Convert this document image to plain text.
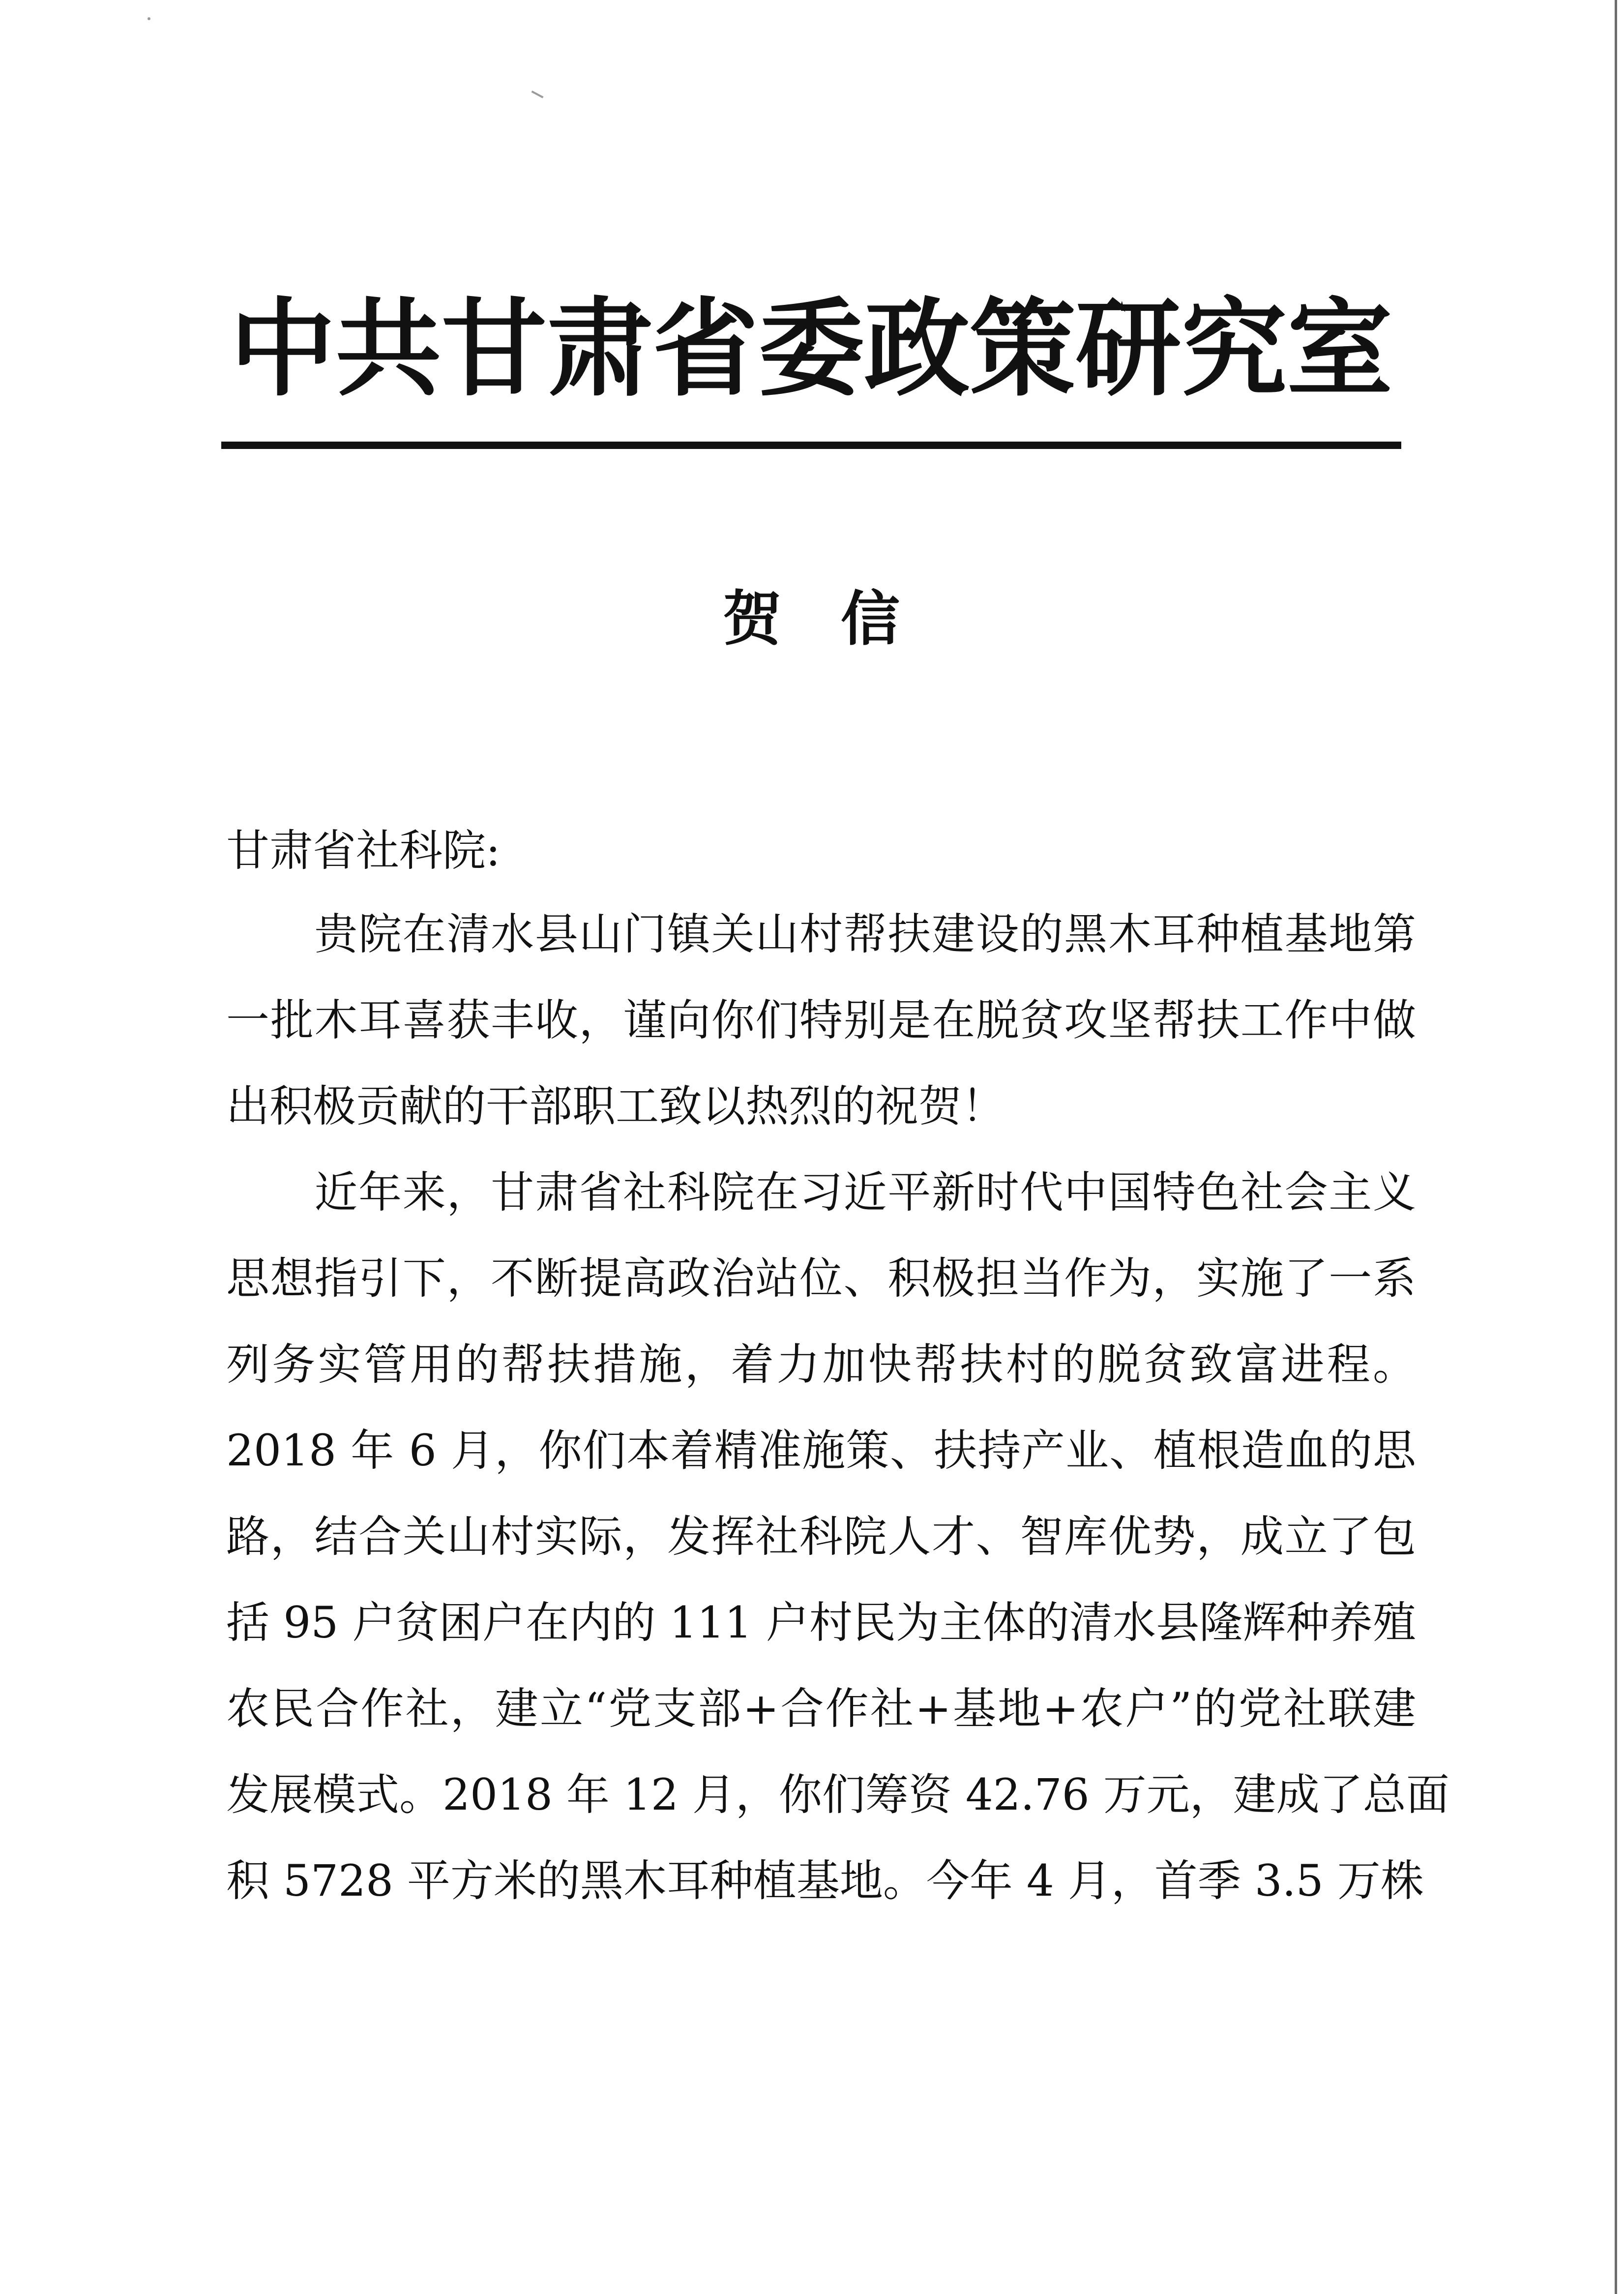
中共甘肃省委政策研究室
贺信
甘肃省社科院:
　　贵院在清水县山门镇关山村帮扶建设的黑木耳种植基地第
一批木耳喜获丰收，谨向你们特别是在脱贫攻坚帮扶工作中做
出积极贡献的干部职工致以热烈的祝贺！
　　近年来，甘肃省社科院在习近平新时代中国特色社会主义
思想指引下，不断提高政治站位、积极担当作为，实施了一系
列务实管用的帮扶措施，着力加快帮扶村的脱贫致富进程。
2018 年 6 月，你们本着精准施策、扶持产业、植根造血的思
路，结合关山村实际，发挥社科院人才、智库优势，成立了包
括 95 户贫困户在内的 111 户村民为主体的清水县隆辉种养殖
农民合作社，建立“党支部+合作社+基地+农户”的党社联建
发展模式。2018 年 12 月，你们筹资 42.76 万元，建成了总面
积 5728 平方米的黑木耳种植基地。今年 4 月，首季 3.5 万株
